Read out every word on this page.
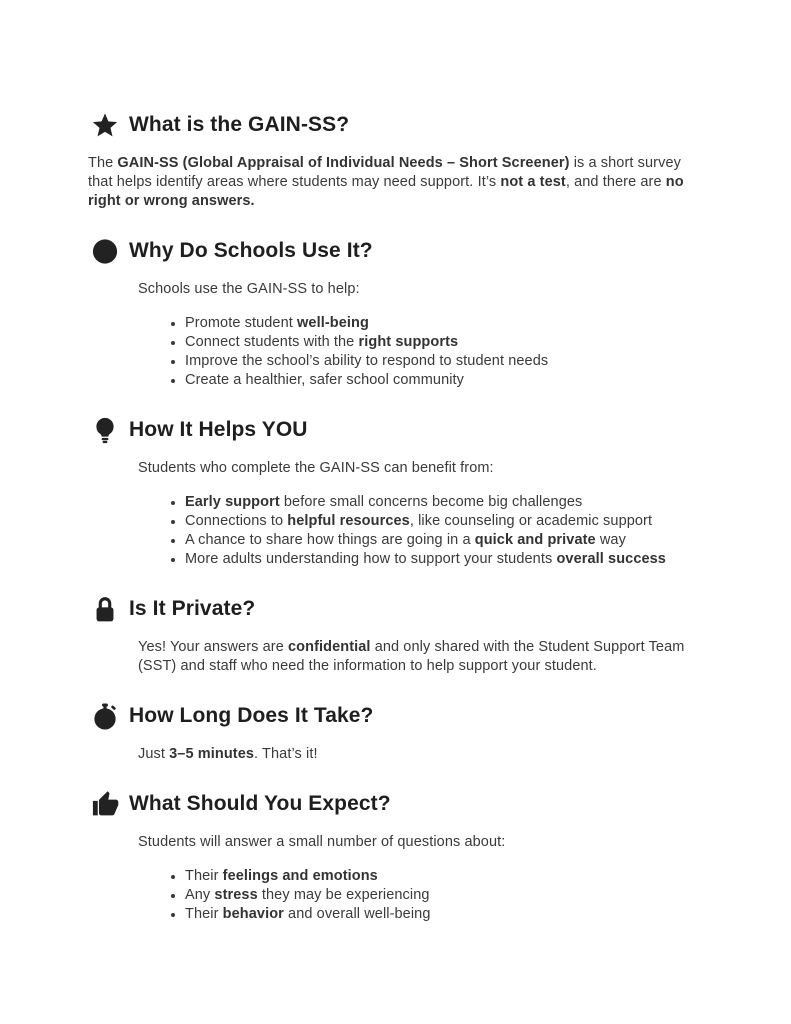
What is the GAIN-SS?

The GAIN-SS (Global Appraisal of Individual Needs – Short Screener) is a short survey that helps identify areas where students may need support. It’s not a test, and there are no right or wrong answers.

Why Do Schools Use It?

Schools use the GAIN-SS to help:

• Promote student well-being
• Connect students with the right supports
• Improve the school’s ability to respond to student needs
• Create a healthier, safer school community
How It Helps YOU

Students who complete the GAIN-SS can benefit from:

• Early support before small concerns become big challenges
• Connections to helpful resources, like counseling or academic support
• A chance to share how things are going in a quick and private way
• More adults understanding how to support your students overall success
Is It Private?

Yes! Your answers are confidential and only shared with the Student Support Team (SST) and staff who need the information to help support your student.

How Long Does It Take?

Just 3–5 minutes. That’s it!

What Should You Expect?

Students will answer a small number of questions about:

• Their feelings and emotions
• Any stress they may be experiencing
• Their behavior and overall well-being
